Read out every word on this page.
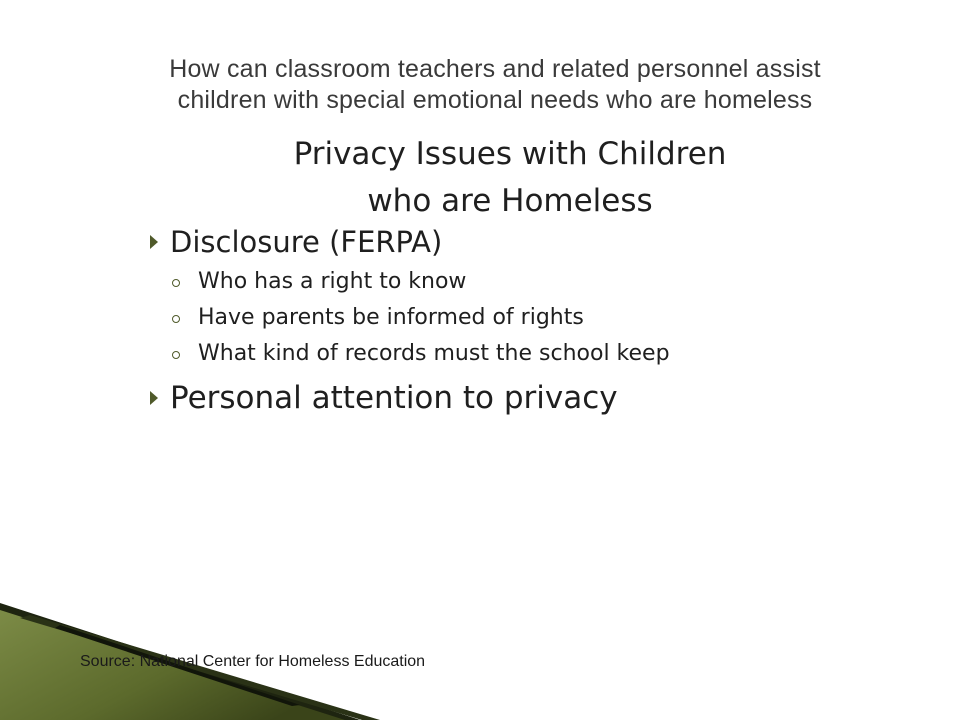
How can classroom teachers and related personnel assist
children with special emotional needs who are homeless
Privacy Issues with Children
who are Homeless

Disclosure (FERPA)

Who has a right to know

Have parents be informed of rights

What kind of records must the school keep

Personal attention to privacy

Source: National Center for Homeless Education
